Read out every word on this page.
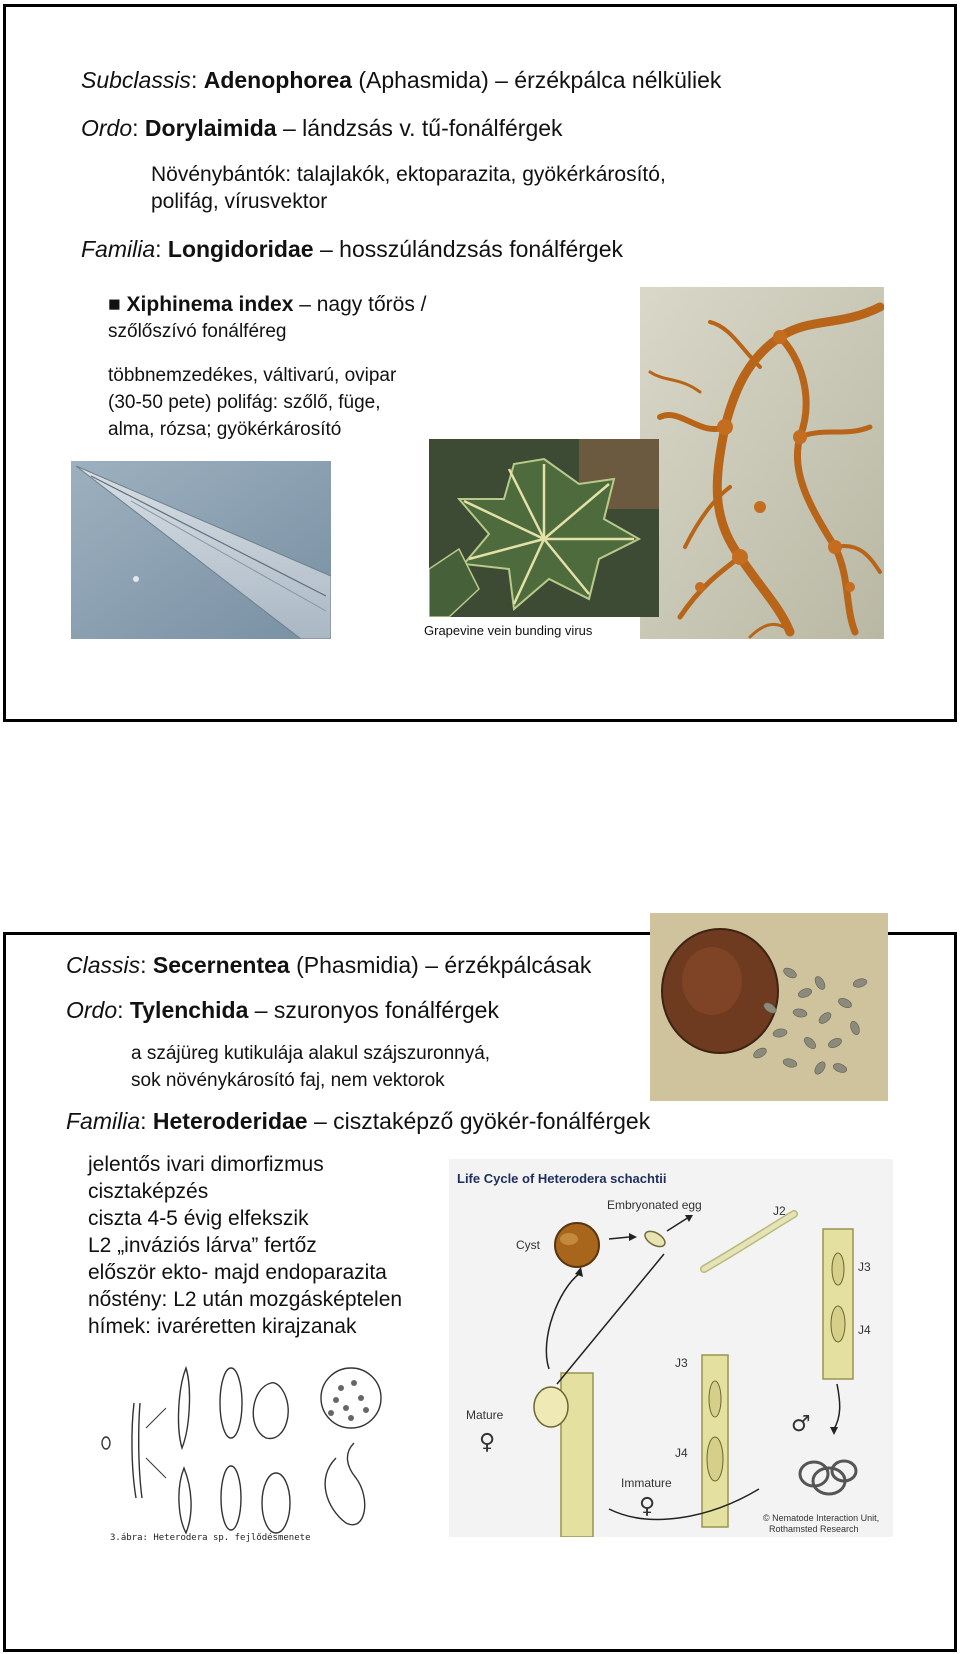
Subclassis: Adenophorea (Aphasmida) – érzékpálca nélküliek
Ordo: Dorylaimida – lándzsás v. tű-fonálférgek
Növénybántók: talajlakók, ektoparazita, gyökérkárosító,
polifág, vírusvektor
Familia: Longidoridae – hosszúlándzsás fonálférgek
■ Xiphinema index – nagy tőrös /
szőlőszívó fonálféreg
többnemzedékes, váltivarú, ovipar
(30-50 pete) polifág: szőlő, füge,
alma, rózsa; gyökérkárosító
Grapevine vein bunding virus
Classis: Secernentea (Phasmidia) – érzékpálcásak
Ordo: Tylenchida – szuronyos fonálférgek
a szájüreg kutikulája alakul szájszuronnyá,
sok növénykárosító faj, nem vektorok
Familia: Heteroderidae – cisztaképző gyökér-fonálférgek
jelentős ivari dimorfizmus
cisztaképzés
ciszta 4-5 évig elfekszik
L2 „inváziós lárva” fertőz
először ekto- majd endoparazita
nőstény: L2 után mozgásképtelen
hímek: ivaréretten kirajzanak
Life Cycle of Heterodera schachtii
Cyst
Embryonated egg	J2
J3
J4
J3
J4
Mature
♀
Immature
♀
♂
© Nematode Interaction Unit,
Rothamsted Research
3.ábra: Heterodera sp. fejlődésmenete
